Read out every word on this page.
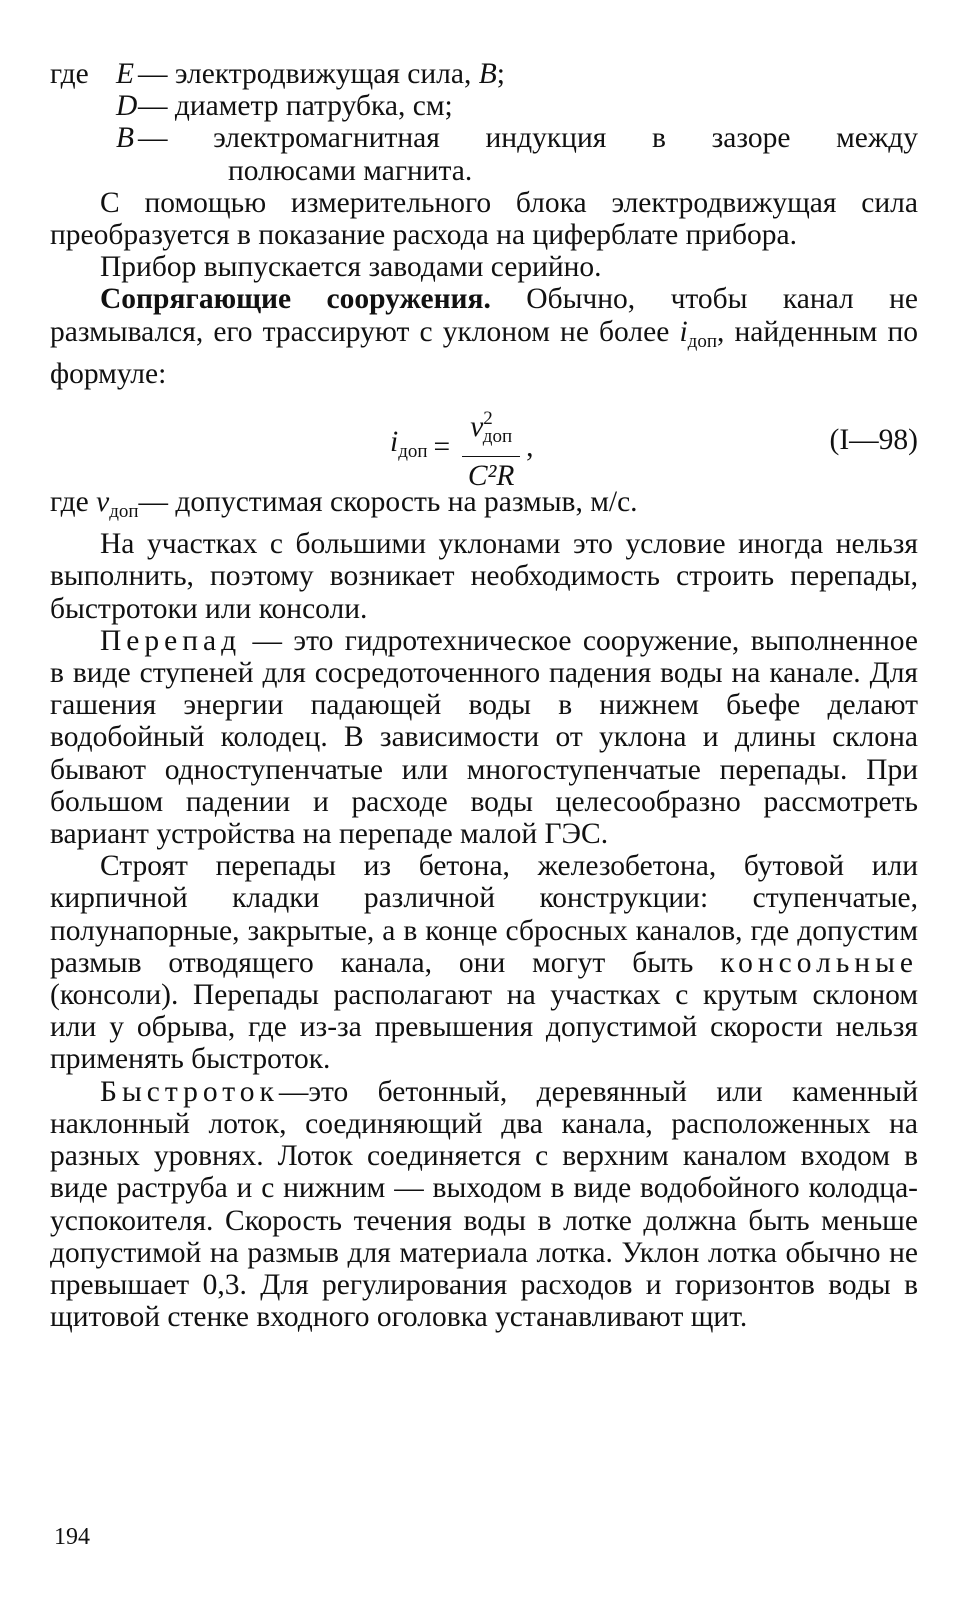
где E — электродвижущая сила, B;
D — диаметр патрубка, см;
B — электромагнитная индукция в зазоре между
полюсами магнита.

С помощью измерительного блока электродвижущая сила преобразуется в показание расхода на циферблате прибора.

Прибор выпускается заводами серийно.

Сопрягающие сооружения. Обычно, чтобы канал не размывался, его трассируют с уклоном не более $i_{доп}$, найденным по формуле:

$i_{доп} = \frac{v^2_{доп}}{\text{C²R}}$ ,	(I—98)

где $v_{доп}—$ допустимая скорость на размыв, м/с.

На участках с большими уклонами это условие иногда нельзя выполнить, поэтому возникает необходимость строить перепады, быстротоки или консоли.

Перепад — это гидротехническое сооружение, выполненное в виде ступеней для сосредоточенного падения воды на канале. Для гашения энергии падающей воды в нижнем бьефе делают водобойный колодец. В зависимости от уклона и длины склона бывают одноступенчатые или многоступенчатые перепады. При большом падении и расходе воды целесообразно рассмотреть вариант устройства на перепаде малой ГЭС.

Строят перепады из бетона, железобетона, бутовой или кирпичной кладки различной конструкции: ступенчатые, полунапорные, закрытые, а в конце сбросных каналов, где допустим размыв отводящего канала, они могут быть консольные (консоли). Перепады располагают на участках с крутым склоном или у обрыва, где из-за превышения допустимой скорости нельзя применять быстроток.

Быстроток—это бетонный, деревянный или каменный наклонный лоток, соединяющий два канала, расположенных на разных уровнях. Лоток соединяется с верхним каналом входом в виде раструба и с нижним — выходом в виде водобойного колодца-успокоителя. Скорость течения воды в лотке должна быть меньше допустимой на размыв для материала лотка. Уклон лотка обычно не превышает 0,3. Для регулирования расходов и горизонтов воды в щитовой стенке входного оголовка устанавливают щит.

194
